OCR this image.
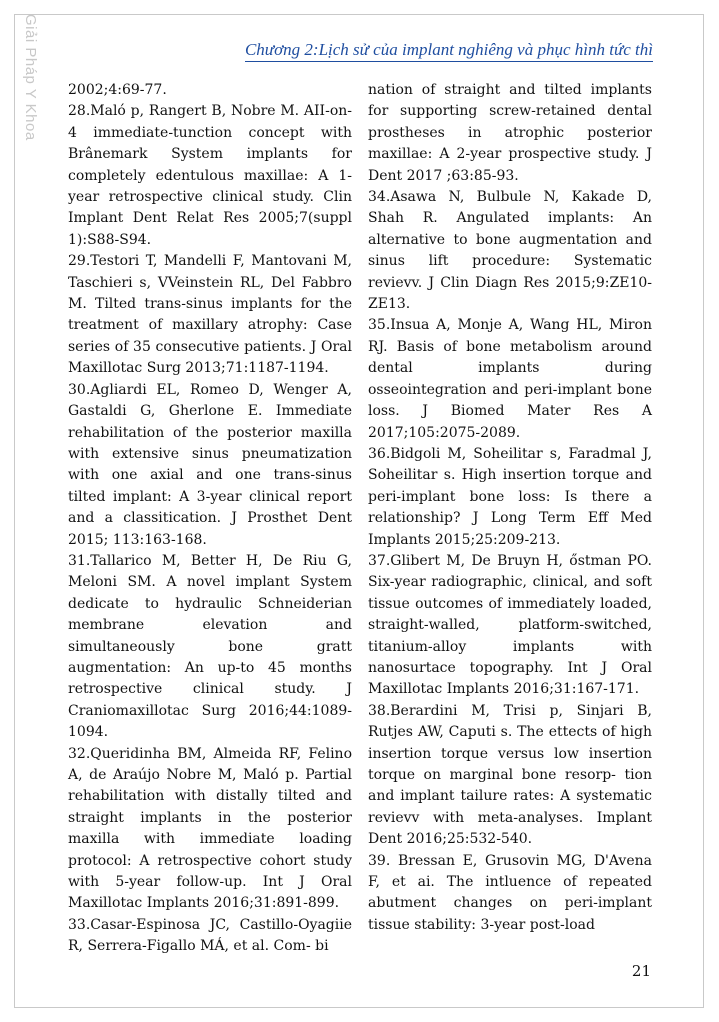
Giải Pháp Y Khoa	Chương 2:Lịch sử của implant nghiêng và phục hình tức thì

2002;4:69-77.

28.Maló p, Rangert B, Nobre M. AII-on-4 immediate-tunction concept with Brânemark System implants for completely edentulous maxillae: A 1-year retrospective clinical study. Clin Implant Dent Relat Res 2005;7(suppl 1):S88-S94.

29.Testori T, Mandelli F, Mantovani M, Taschieri s, VVeinstein RL, Del Fabbro M. Tilted trans-sinus implants for the treatment of maxillary atrophy: Case series of 35 consecutive patients. J Oral Maxillotac Surg 2013;71:1187-1194.

30.Agliardi EL, Romeo D, Wenger A, Gastaldi G, Gherlone E. Immediate rehabilitation of the posterior maxilla with extensive sinus pneumatization with one axial and one trans-sinus tilted implant: A 3-year clinical report and a classitication. J Prosthet Dent 2015; 113:163-168.

31.Tallarico M, Better H, De Riu G, Meloni SM. A novel implant System dedicate to hydraulic Schneiderian membrane elevation and simultaneously bone gratt augmentation: An up-to 45 months retrospective clinical study. J Craniomaxillotac Surg 2016;44:1089-1094.

32.Queridinha BM, Almeida RF, Felino A, de Araújo Nobre M, Maló p. Partial rehabilitation with distally tilted and straight implants in the posterior maxilla with immediate loading protocol: A retrospective cohort study with 5-year follow-up. Int J Oral Maxillotac Implants 2016;31:891-899.

33.Casar-Espinosa JC, Castillo-Oyagiie R, Serrera-Figallo MÁ, et al. Com- bi

nation of straight and tilted implants for supporting screw-retained dental prostheses in atrophic posterior maxillae: A 2-year prospective study. J Dent 2017 ;63:85-93.

34.Asawa N, Bulbule N, Kakade D, Shah R. Angulated implants: An alternative to bone augmentation and sinus lift procedure: Systematic revievv. J Clin Diagn Res 2015;9:ZE10-ZE13.

35.Insua A, Monje A, Wang HL, Miron RJ. Basis of bone metabolism around dental implants during osseointegration and peri-implant bone loss. J Biomed Mater Res A 2017;105:2075-2089.

36.Bidgoli M, Soheilitar s, Faradmal J, Soheilitar s. High insertion torque and peri-implant bone loss: Is there a relationship? J Long Term Eff Med Implants 2015;25:209-213.

37.Glibert M, De Bruyn H, őstman PO. Six-year radiographic, clinical, and soft tissue outcomes of immediately loaded, straight-walled, platform-switched, titanium-alloy implants with nanosurtace topography. Int J Oral Maxillotac Implants 2016;31:167-171.

38.Berardini M, Trisi p, Sinjari B, Rutjes AW, Caputi s. The ettects of high insertion torque versus low insertion torque on marginal bone resorp- tion and implant tailure rates: A systematic revievv with meta-analyses. Implant Dent 2016;25:532-540.

39. Bressan E, Grusovin MG, D'Avena F, et ai. The intluence of repeated abutment changes on peri-implant tissue stability: 3-year post-load

21
